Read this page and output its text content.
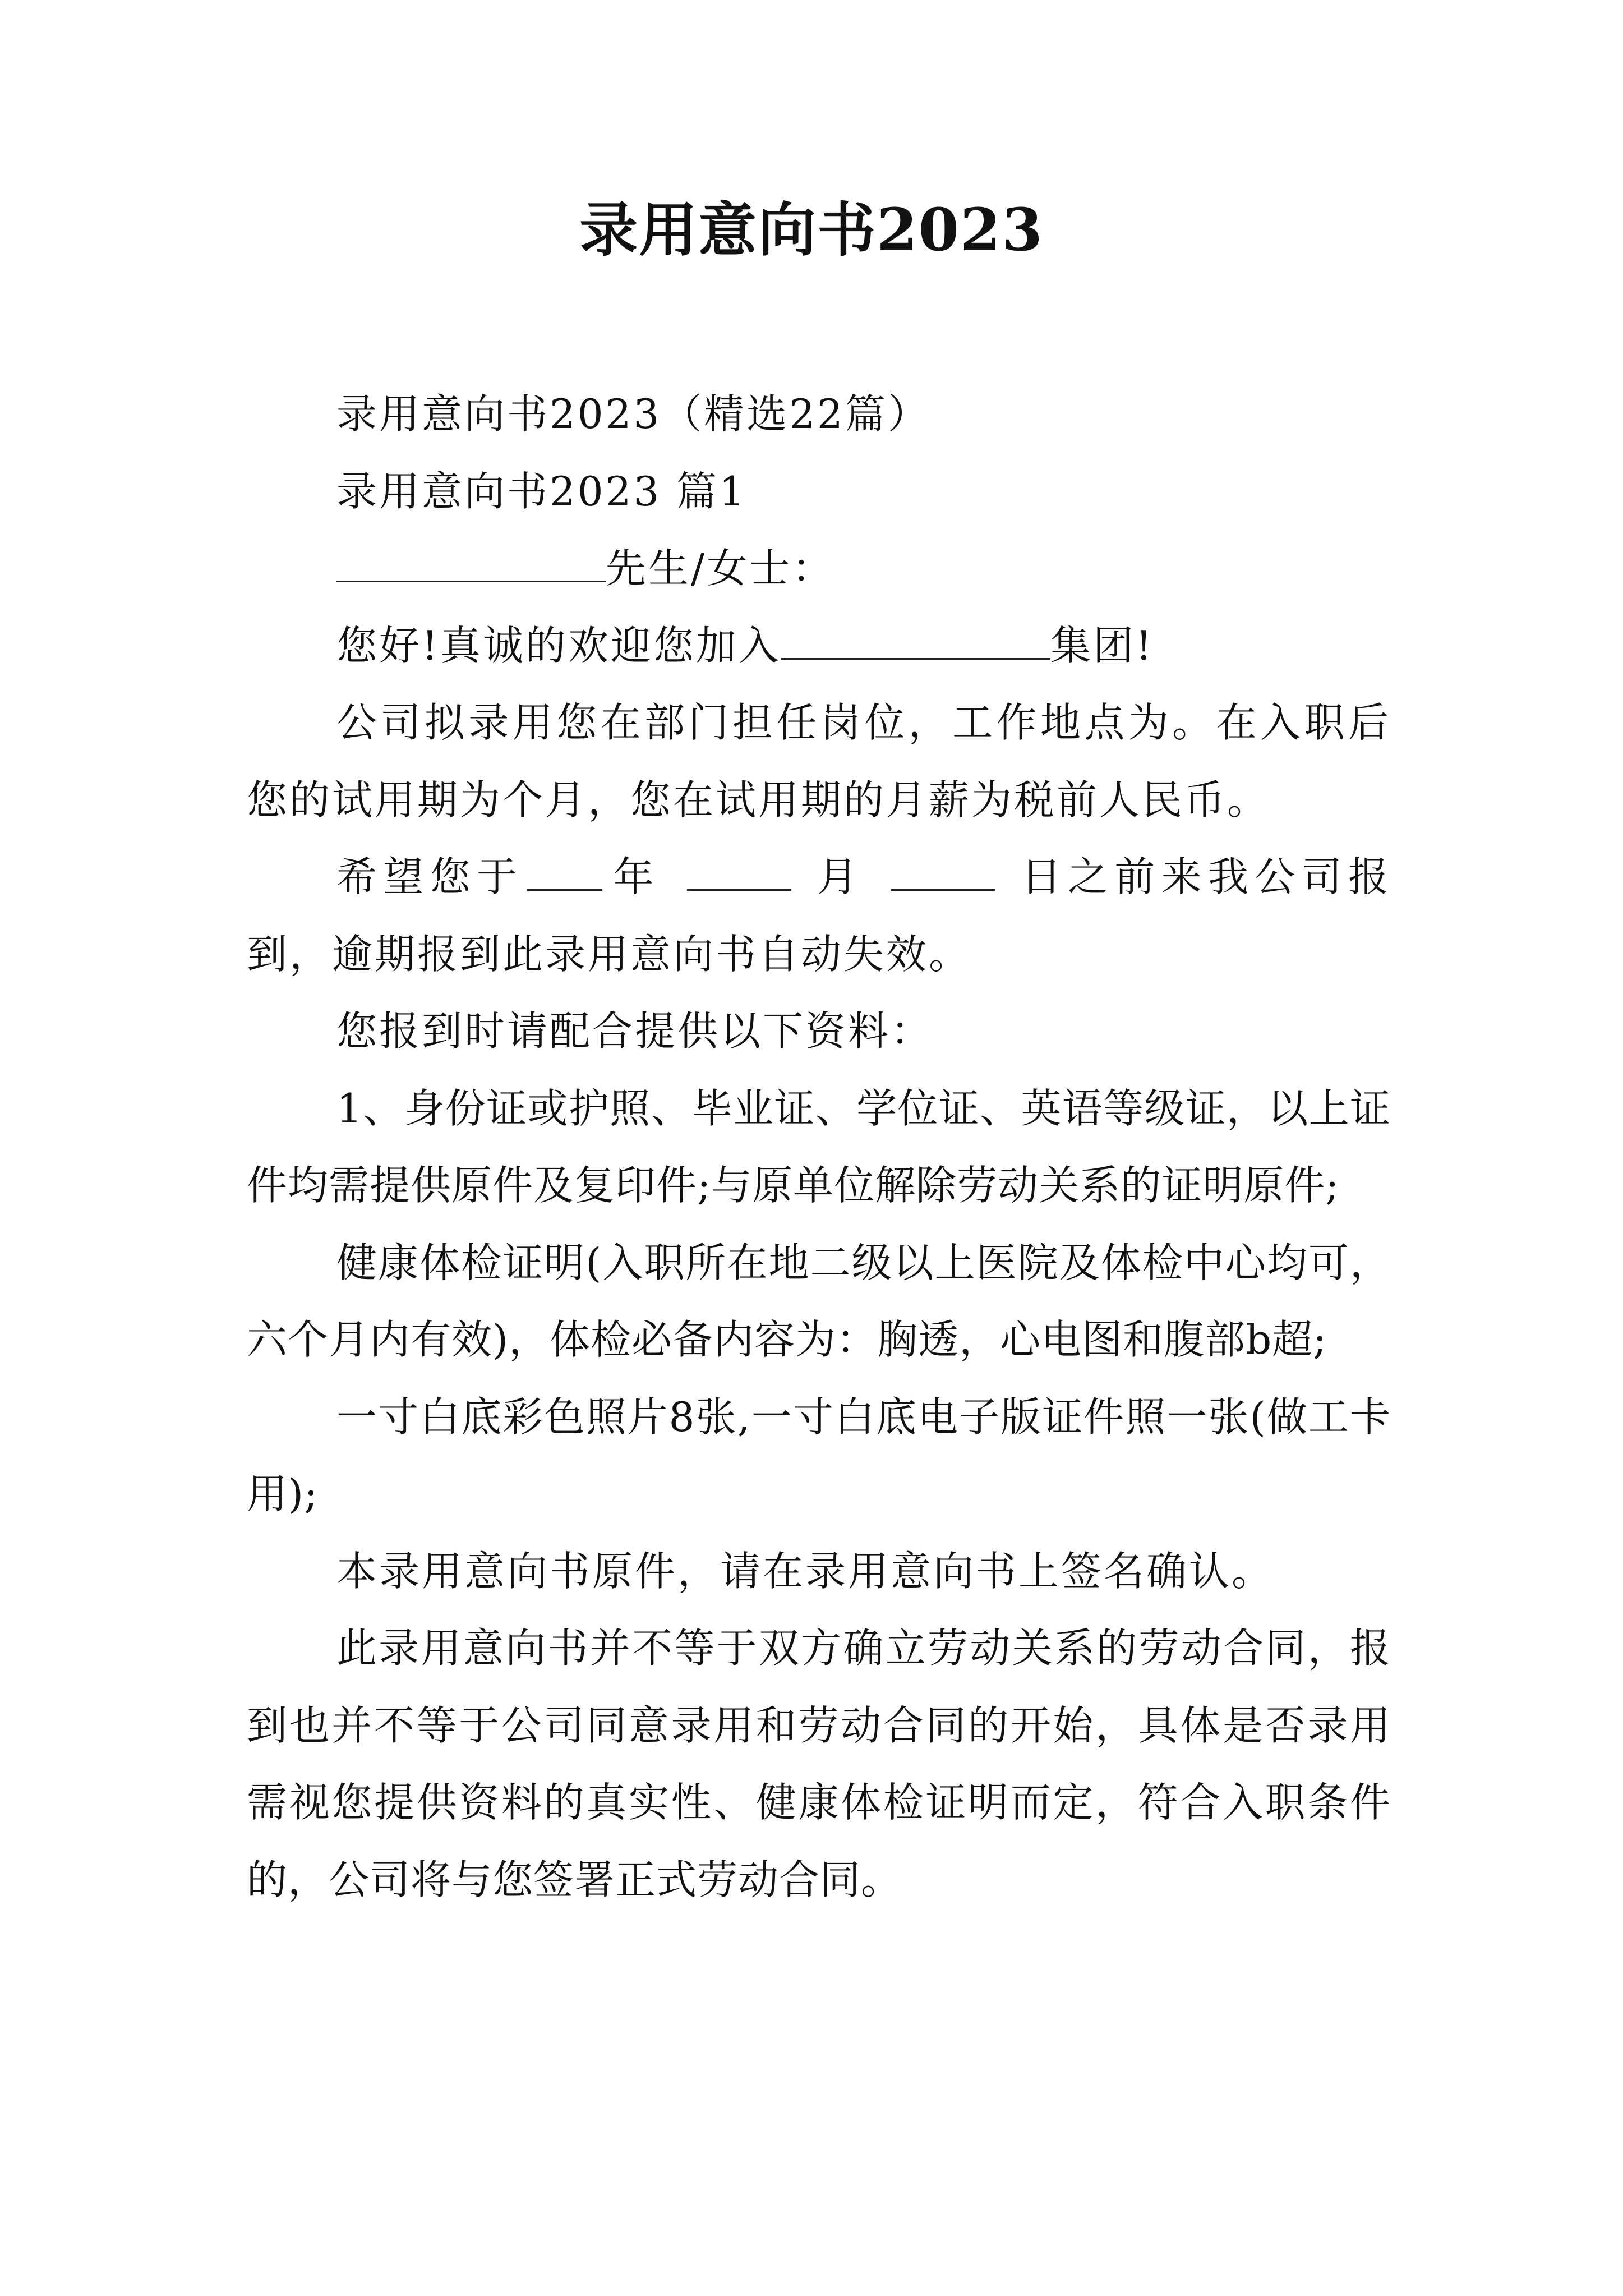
录用意向书2023

录用意向书2023（精选22篇）

录用意向书2023 篇1

先生/女士：

您好!真诚的欢迎您加入	集团!

公司拟录用您在部门担任岗位，工作地点为。在入职后您的试用期为个月，您在试用期的月薪为税前人民币。

希望您于 年	月	日之前来我公司报到，逾期报到此录用意向书自动失效。

您报到时请配合提供以下资料：

1、身份证或护照、毕业证、学位证、英语等级证，以上证件均需提供原件及复印件;与原单位解除劳动关系的证明原件;

健康体检证明(入职所在地二级以上医院及体检中心均可，六个月内有效)，体检必备内容为：胸透，心电图和腹部b超;

一寸白底彩色照片8张,一寸白底电子版证件照一张(做工卡用);

本录用意向书原件，请在录用意向书上签名确认。

此录用意向书并不等于双方确立劳动关系的劳动合同，报到也并不等于公司同意录用和劳动合同的开始，具体是否录用需视您提供资料的真实性、健康体检证明而定，符合入职条件的，公司将与您签署正式劳动合同。
